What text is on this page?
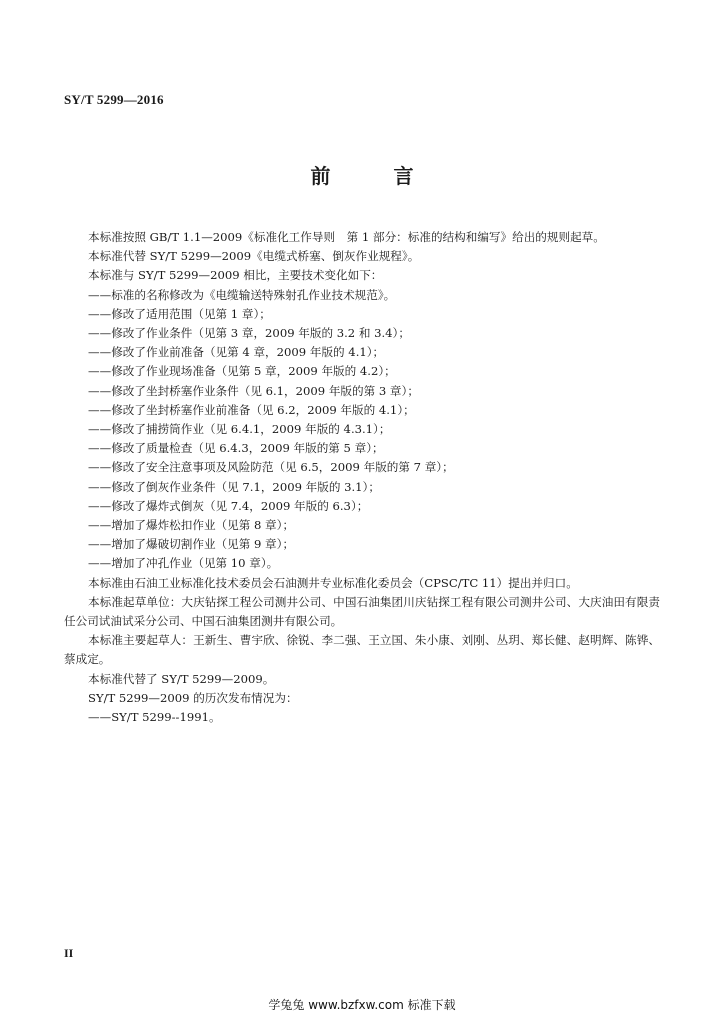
SY/T 5299—2016
前 言

本标准按照 GB/T 1.1—2009《标准化工作导则　第 1 部分：标准的结构和编写》给出的规则起草。

本标准代替 SY/T 5299—2009《电缆式桥塞、倒灰作业规程》。

本标准与 SY/T 5299—2009 相比，主要技术变化如下：

——标准的名称修改为《电缆输送特殊射孔作业技术规范》。

——修改了适用范围（见第 1 章）；

——修改了作业条件（见第 3 章，2009 年版的 3.2 和 3.4）；

——修改了作业前准备（见第 4 章，2009 年版的 4.1）；

——修改了作业现场准备（见第 5 章，2009 年版的 4.2）；

——修改了坐封桥塞作业条件（见 6.1，2009 年版的第 3 章）；

——修改了坐封桥塞作业前准备（见 6.2，2009 年版的 4.1）；

——修改了捕捞筒作业（见 6.4.1，2009 年版的 4.3.1）；

——修改了质量检查（见 6.4.3，2009 年版的第 5 章）；

——修改了安全注意事项及风险防范（见 6.5，2009 年版的第 7 章）；

——修改了倒灰作业条件（见 7.1，2009 年版的 3.1）；

——修改了爆炸式倒灰（见 7.4，2009 年版的 6.3）；

——增加了爆炸松扣作业（见第 8 章）；

——增加了爆破切割作业（见第 9 章）；

——增加了冲孔作业（见第 10 章）。

本标准由石油工业标准化技术委员会石油测井专业标准化委员会（CPSC/TC 11）提出并归口。

本标准起草单位：大庆钻探工程公司测井公司、中国石油集团川庆钻探工程有限公司测井公司、大庆油田有限责任公司试油试采分公司、中国石油集团测井有限公司。

本标准主要起草人：王新生、曹宇欣、徐锐、李二强、王立国、朱小康、刘刚、丛玥、郑长健、赵明辉、陈铧、蔡成定。

本标准代替了 SY/T 5299—2009。

SY/T 5299—2009 的历次发布情况为：

——SY/T 5299--1991。

II
学兔兔 www.bzfxw.com 标准下载
